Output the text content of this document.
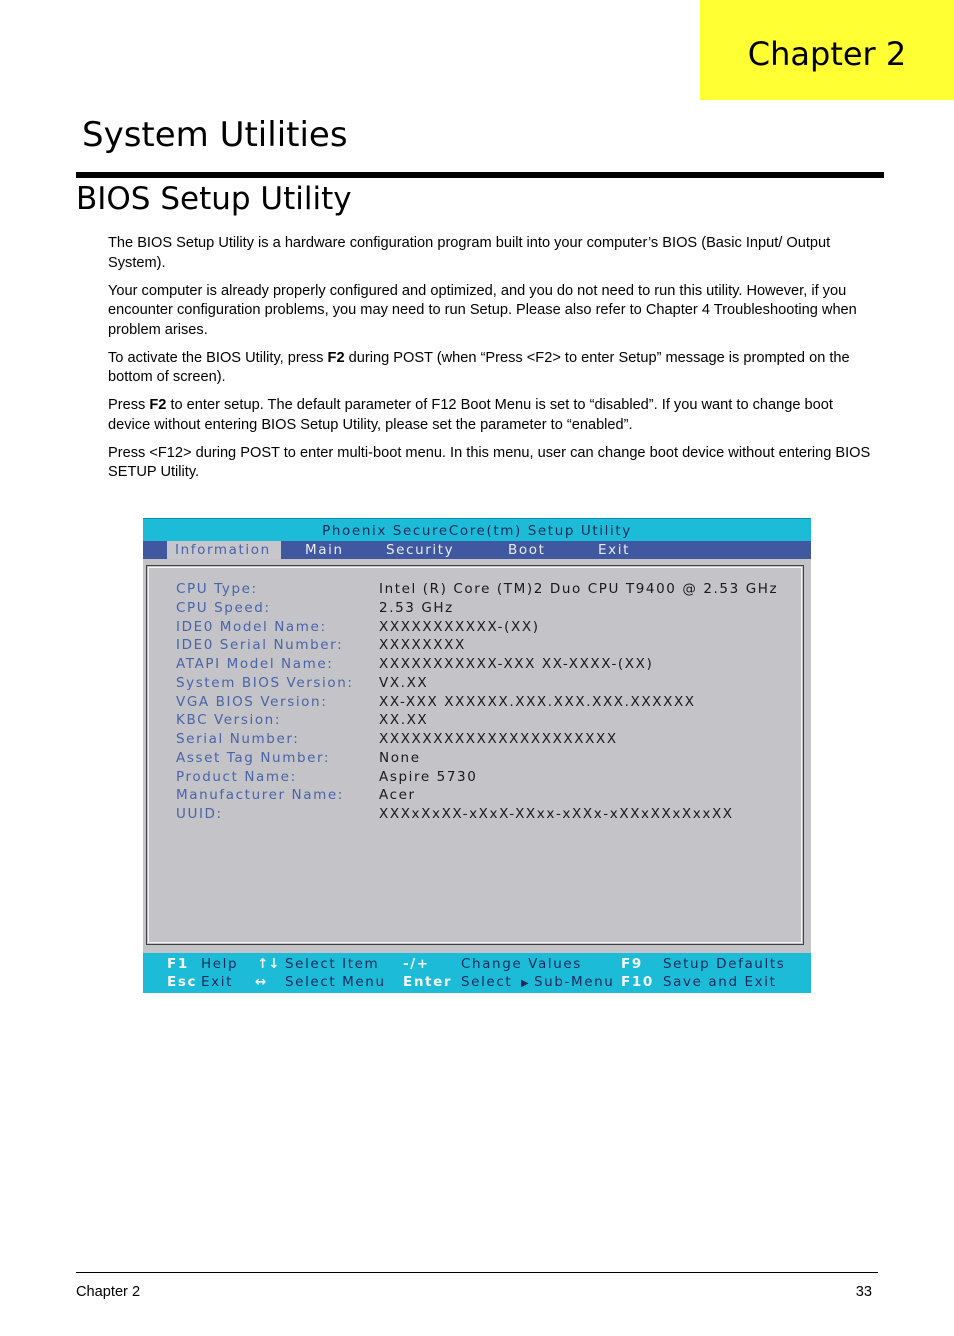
Chapter 2
System Utilities
BIOS Setup Utility

The BIOS Setup Utility is a hardware configuration program built into your computer’s BIOS (Basic Input/ Output System).

Your computer is already properly configured and optimized, and you do not need to run this utility. However, if you encounter configuration problems, you may need to run Setup. Please also refer to Chapter 4 Troubleshooting when problem arises.

To activate the BIOS Utility, press F2 during POST (when “Press <F2> to enter Setup” message is prompted on the bottom of screen).

Press F2 to enter setup. The default parameter of F12 Boot Menu is set to “disabled”. If you want to change boot device without entering BIOS Setup Utility, please set the parameter to “enabled”.

Press <F12> during POST to enter multi-boot menu. In this menu, user can change boot device without entering BIOS SETUP Utility.

Phoenix SecureCore(tm) Setup Utility
Information	Main	Security	Boot	Exit
CPU Type:	Intel (R) Core (TM)2 Duo CPU T9400 @ 2.53 GHz
CPU Speed:	2.53 GHz
IDE0 Model Name:	XXXXXXXXXXX-(XX)
IDE0 Serial Number:	XXXXXXXX
ATAPI Model Name:	XXXXXXXXXXX-XXX XX-XXXX-(XX)
System BIOS Version: VX.XX
VGA BIOS Version:	XX-XXX XXXXXX.XXX.XXX.XXX.XXXXXX
KBC Version:	XX.XX
Serial Number:	XXXXXXXXXXXXXXXXXXXXXX
Asset Tag Number:	None
Product Name:	Aspire 5730
Manufacturer Name:	Acer
UUID:	XXXxXxXX-xXxX-XXxx-xXXx-xXXxXXxXxxXX
F1 Help ↑↓ Select Item -/+ Change Values	F9 Setup Defaults
Esc Exit ↔ Select Menu Enter Select ▶ Sub-Menu F10 Save and Exit
Chapter 2	33
